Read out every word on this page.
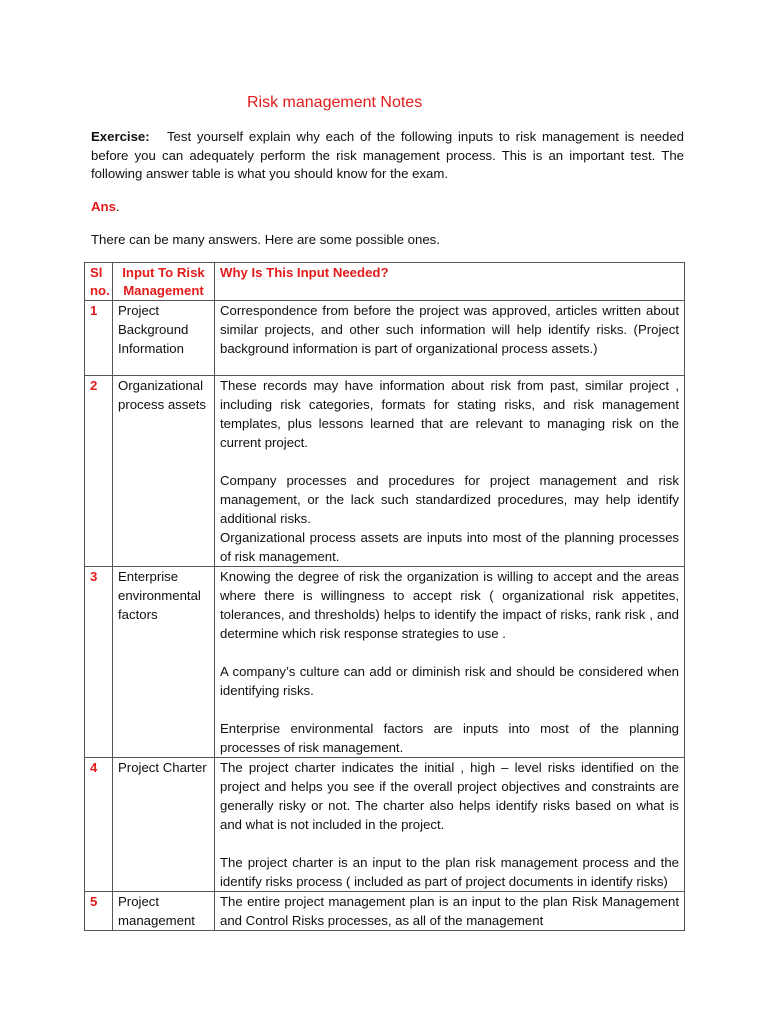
Risk management Notes

Exercise: Test yourself explain why each of the following inputs to risk management is needed before you can adequately perform the risk management process. This is an important test. The following answer table is what you should know for the exam.

Ans.

There can be many answers. Here are some possible ones.

Sl no.	Input To Risk Management	Why Is This Input Needed?
1	Project Background Information	Correspondence from before the project was approved, articles written about similar projects, and other such information will help identify risks. (Project background information is part of organizational process assets.)

2	Organizational process assets	These records may have information about risk from past, similar project , including risk categories, formats for stating risks, and risk management templates, plus lessons learned that are relevant to managing risk on the current project.

Company processes and procedures for project management and risk management, or the lack such standardized procedures, may help identify additional risks.

Organizational process assets are inputs into most of the planning processes of risk management.

3	Enterprise environmental factors	Knowing the degree of risk the organization is willing to accept and the areas where there is willingness to accept risk ( organizational risk appetites, tolerances, and thresholds) helps to identify the impact of risks, rank risk , and determine which risk response strategies to use .

A company’s culture can add or diminish risk and should be considered when identifying risks.

Enterprise environmental factors are inputs into most of the planning processes of risk management.

4	Project Charter	The project charter indicates the initial , high – level risks identified on the project and helps you see if the overall project objectives and constraints are generally risky or not. The charter also helps identify risks based on what is and what is not included in the project.

The project charter is an input to the plan risk management process and the identify risks process ( included as part of project documents in identify risks)

5	Project management	The entire project management plan is an input to the plan Risk Management and Control Risks processes, as all of the management
